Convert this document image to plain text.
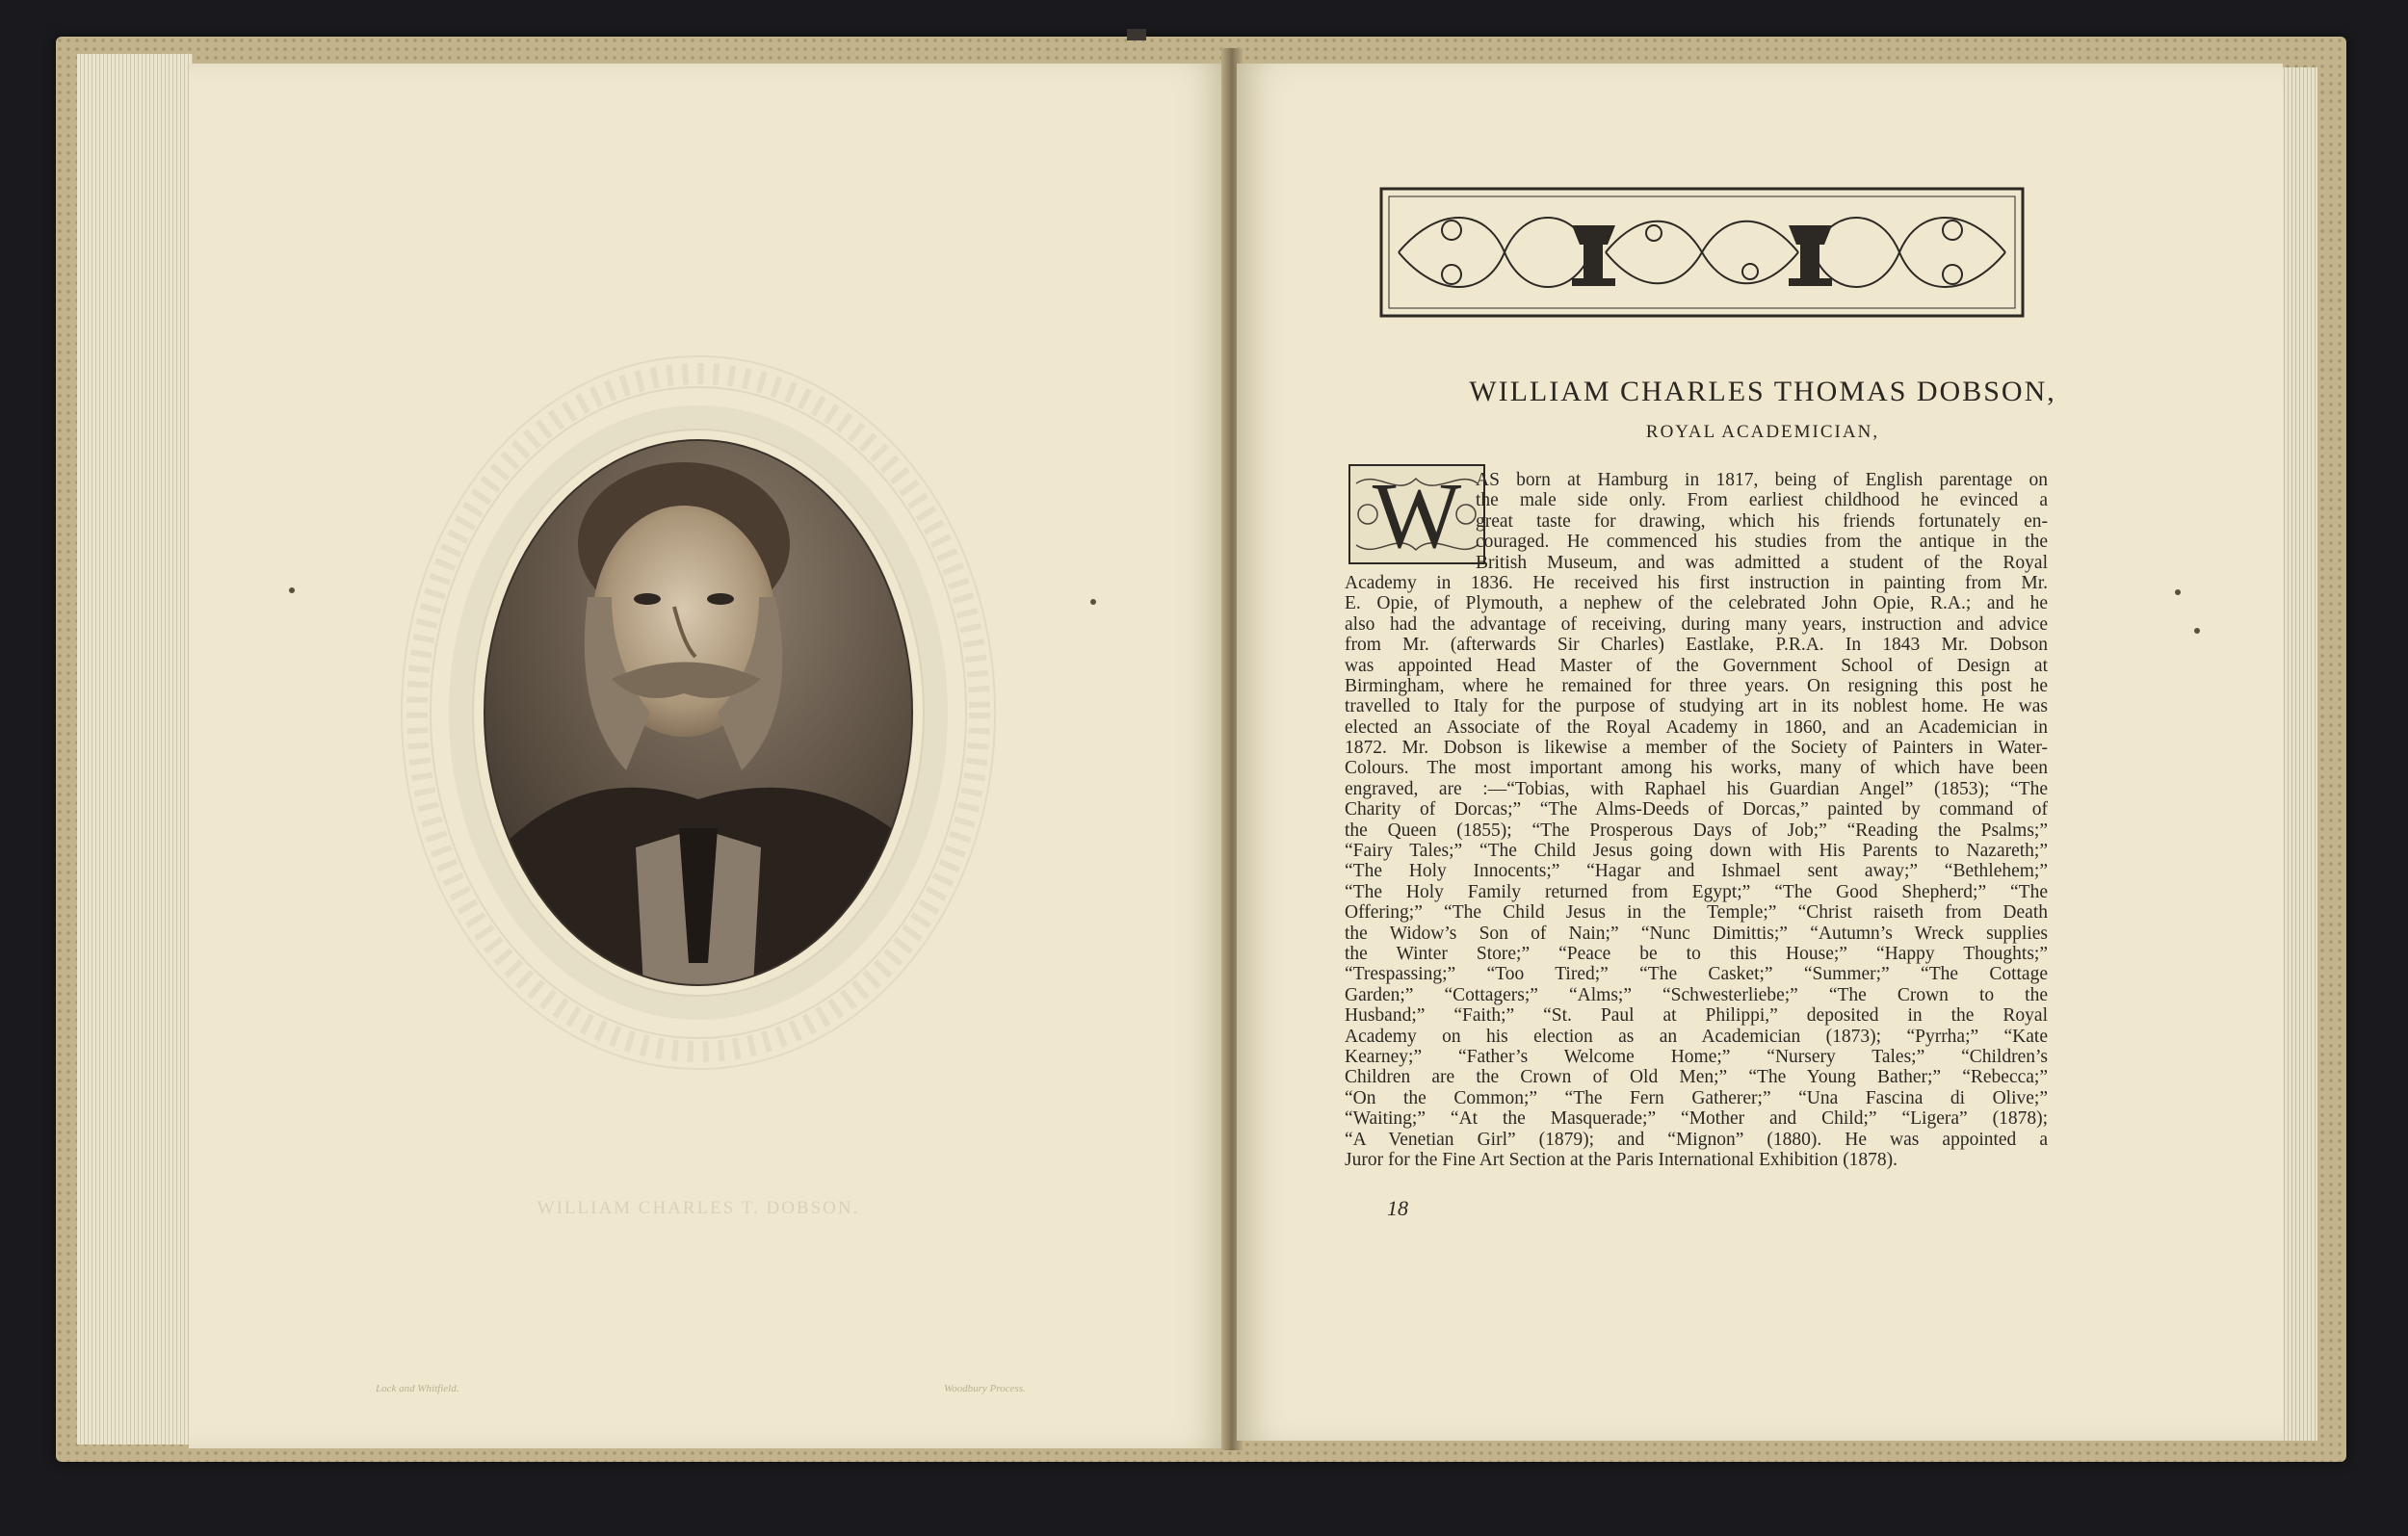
WILLIAM CHARLES T. DOBSON.
Lock and Whitfield.	Woodbury Process.
WILLIAM CHARLES THOMAS DOBSON,
ROYAL ACADEMICIAN,
W AS born at Hamburg in 1817, being of English parentage on
the male side only. From earliest childhood he evinced a
great taste for drawing, which his friends fortunately en-
couraged. He commenced his studies from the antique in the
British Museum, and was admitted a student of the Royal
Academy in 1836. He received his first instruction in painting from Mr.
E. Opie, of Plymouth, a nephew of the celebrated John Opie, R.A.; and he
also had the advantage of receiving, during many years, instruction and advice
from Mr. (afterwards Sir Charles) Eastlake, P.R.A. In 1843 Mr. Dobson
was appointed Head Master of the Government School of Design at
Birmingham, where he remained for three years. On resigning this post he
travelled to Italy for the purpose of studying art in its noblest home. He was
elected an Associate of the Royal Academy in 1860, and an Academician in
1872. Mr. Dobson is likewise a member of the Society of Painters in Water-
Colours. The most important among his works, many of which have been
engraved, are :—“Tobias, with Raphael his Guardian Angel” (1853); “The
Charity of Dorcas;” “The Alms-Deeds of Dorcas,” painted by command of
the Queen (1855); “The Prosperous Days of Job;” “Reading the Psalms;”
“Fairy Tales;” “The Child Jesus going down with His Parents to Nazareth;”
“The Holy Innocents;” “Hagar and Ishmael sent away;” “Bethlehem;”
“The Holy Family returned from Egypt;” “The Good Shepherd;” “The
Offering;” “The Child Jesus in the Temple;” “Christ raiseth from Death
the Widow’s Son of Nain;” “Nunc Dimittis;” “Autumn’s Wreck supplies
the Winter Store;” “Peace be to this House;” “Happy Thoughts;”
“Trespassing;” “Too Tired;” “The Casket;” “Summer;” “The Cottage
Garden;” “Cottagers;” “Alms;” “Schwesterliebe;” “The Crown to the
Husband;” “Faith;” “St. Paul at Philippi,” deposited in the Royal
Academy on his election as an Academician (1873); “Pyrrha;” “Kate
Kearney;” “Father’s Welcome Home;” “Nursery Tales;” “Children’s
Children are the Crown of Old Men;” “The Young Bather;” “Rebecca;”
“On the Common;” “The Fern Gatherer;” “Una Fascina di Olive;”
“Waiting;” “At the Masquerade;” “Mother and Child;” “Ligera” (1878);
“A Venetian Girl” (1879); and “Mignon” (1880). He was appointed a
Juror for the Fine Art Section at the Paris International Exhibition (1878).
18
